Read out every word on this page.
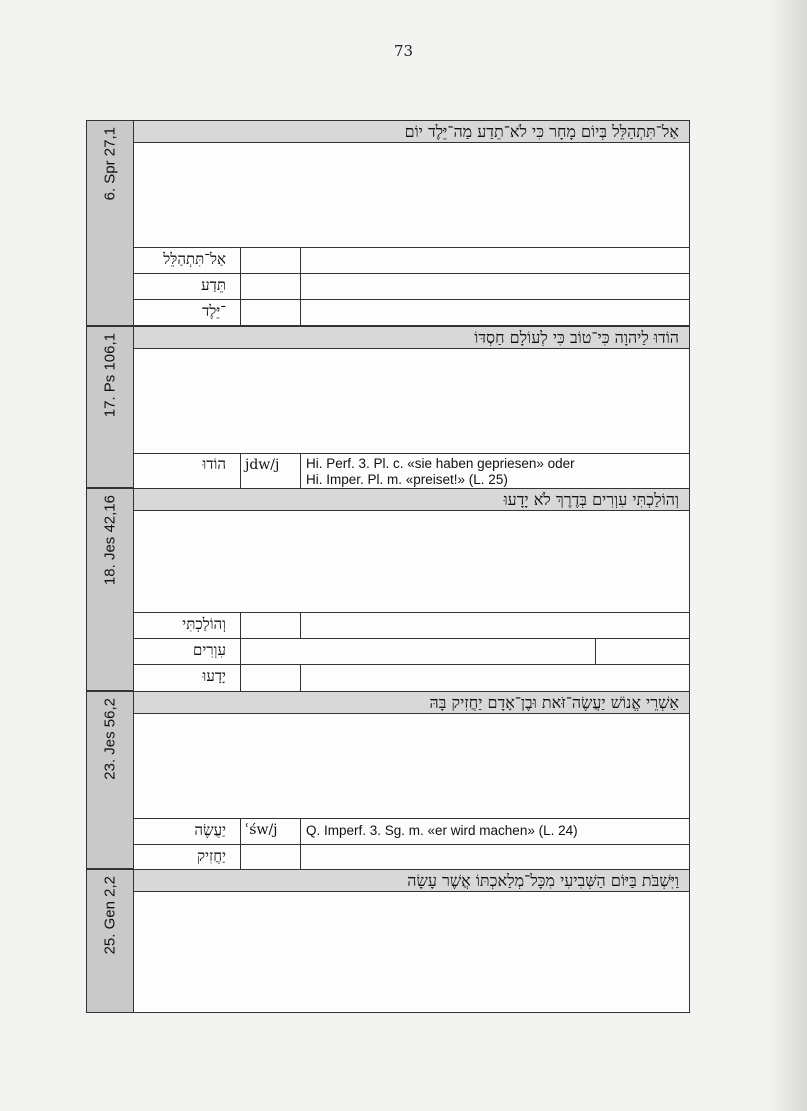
73
6. Spr 27,1	אַל־תִּתְהַלֵּל בְּיוֹם מָחָר כִּי לֹא־תֵדַע מַה־יֵּלֶד יוֹם
אַל־תִּתְהַלֵּל
תֵּדַע
־יֵּלֶד
17. Ps 106,1	הוֹדוּ לַיהוָה כִּי־טוֹב כִּי לְעוֹלָם חַסְדּוֹ
הוֹדוּ	jdw/j	Hi. Perf. 3. Pl. c. «sie haben gepriesen» oder
Hi. Imper. Pl. m. «preiset!» (L. 25)
18. Jes 42,16	וְהוֹלַכְתִּי עִוְרִים בְּדֶרֶךְ לֹא יָדָעוּ
וְהוֹלַכְתִּי
עִוְרִים
יָדָעוּ
23. Jes 56,2	אַשְׁרֵי אֱנוֹשׁ יַעֲשֶׂה־זֹּאת וּבֶן־אָדָם יַחֲזִיק בָּהּ
יַעֲשֶׂה	ʿśw/j	Q. Imperf. 3. Sg. m. «er wird machen» (L. 24)
יַחֲזִיק
25. Gen 2,2	וַיִּשְׁבֹּת בַּיּוֹם הַשְּׁבִיעִי מִכָּל־מְלַאכְתּוֹ אֲשֶׁר עָשָׂה
